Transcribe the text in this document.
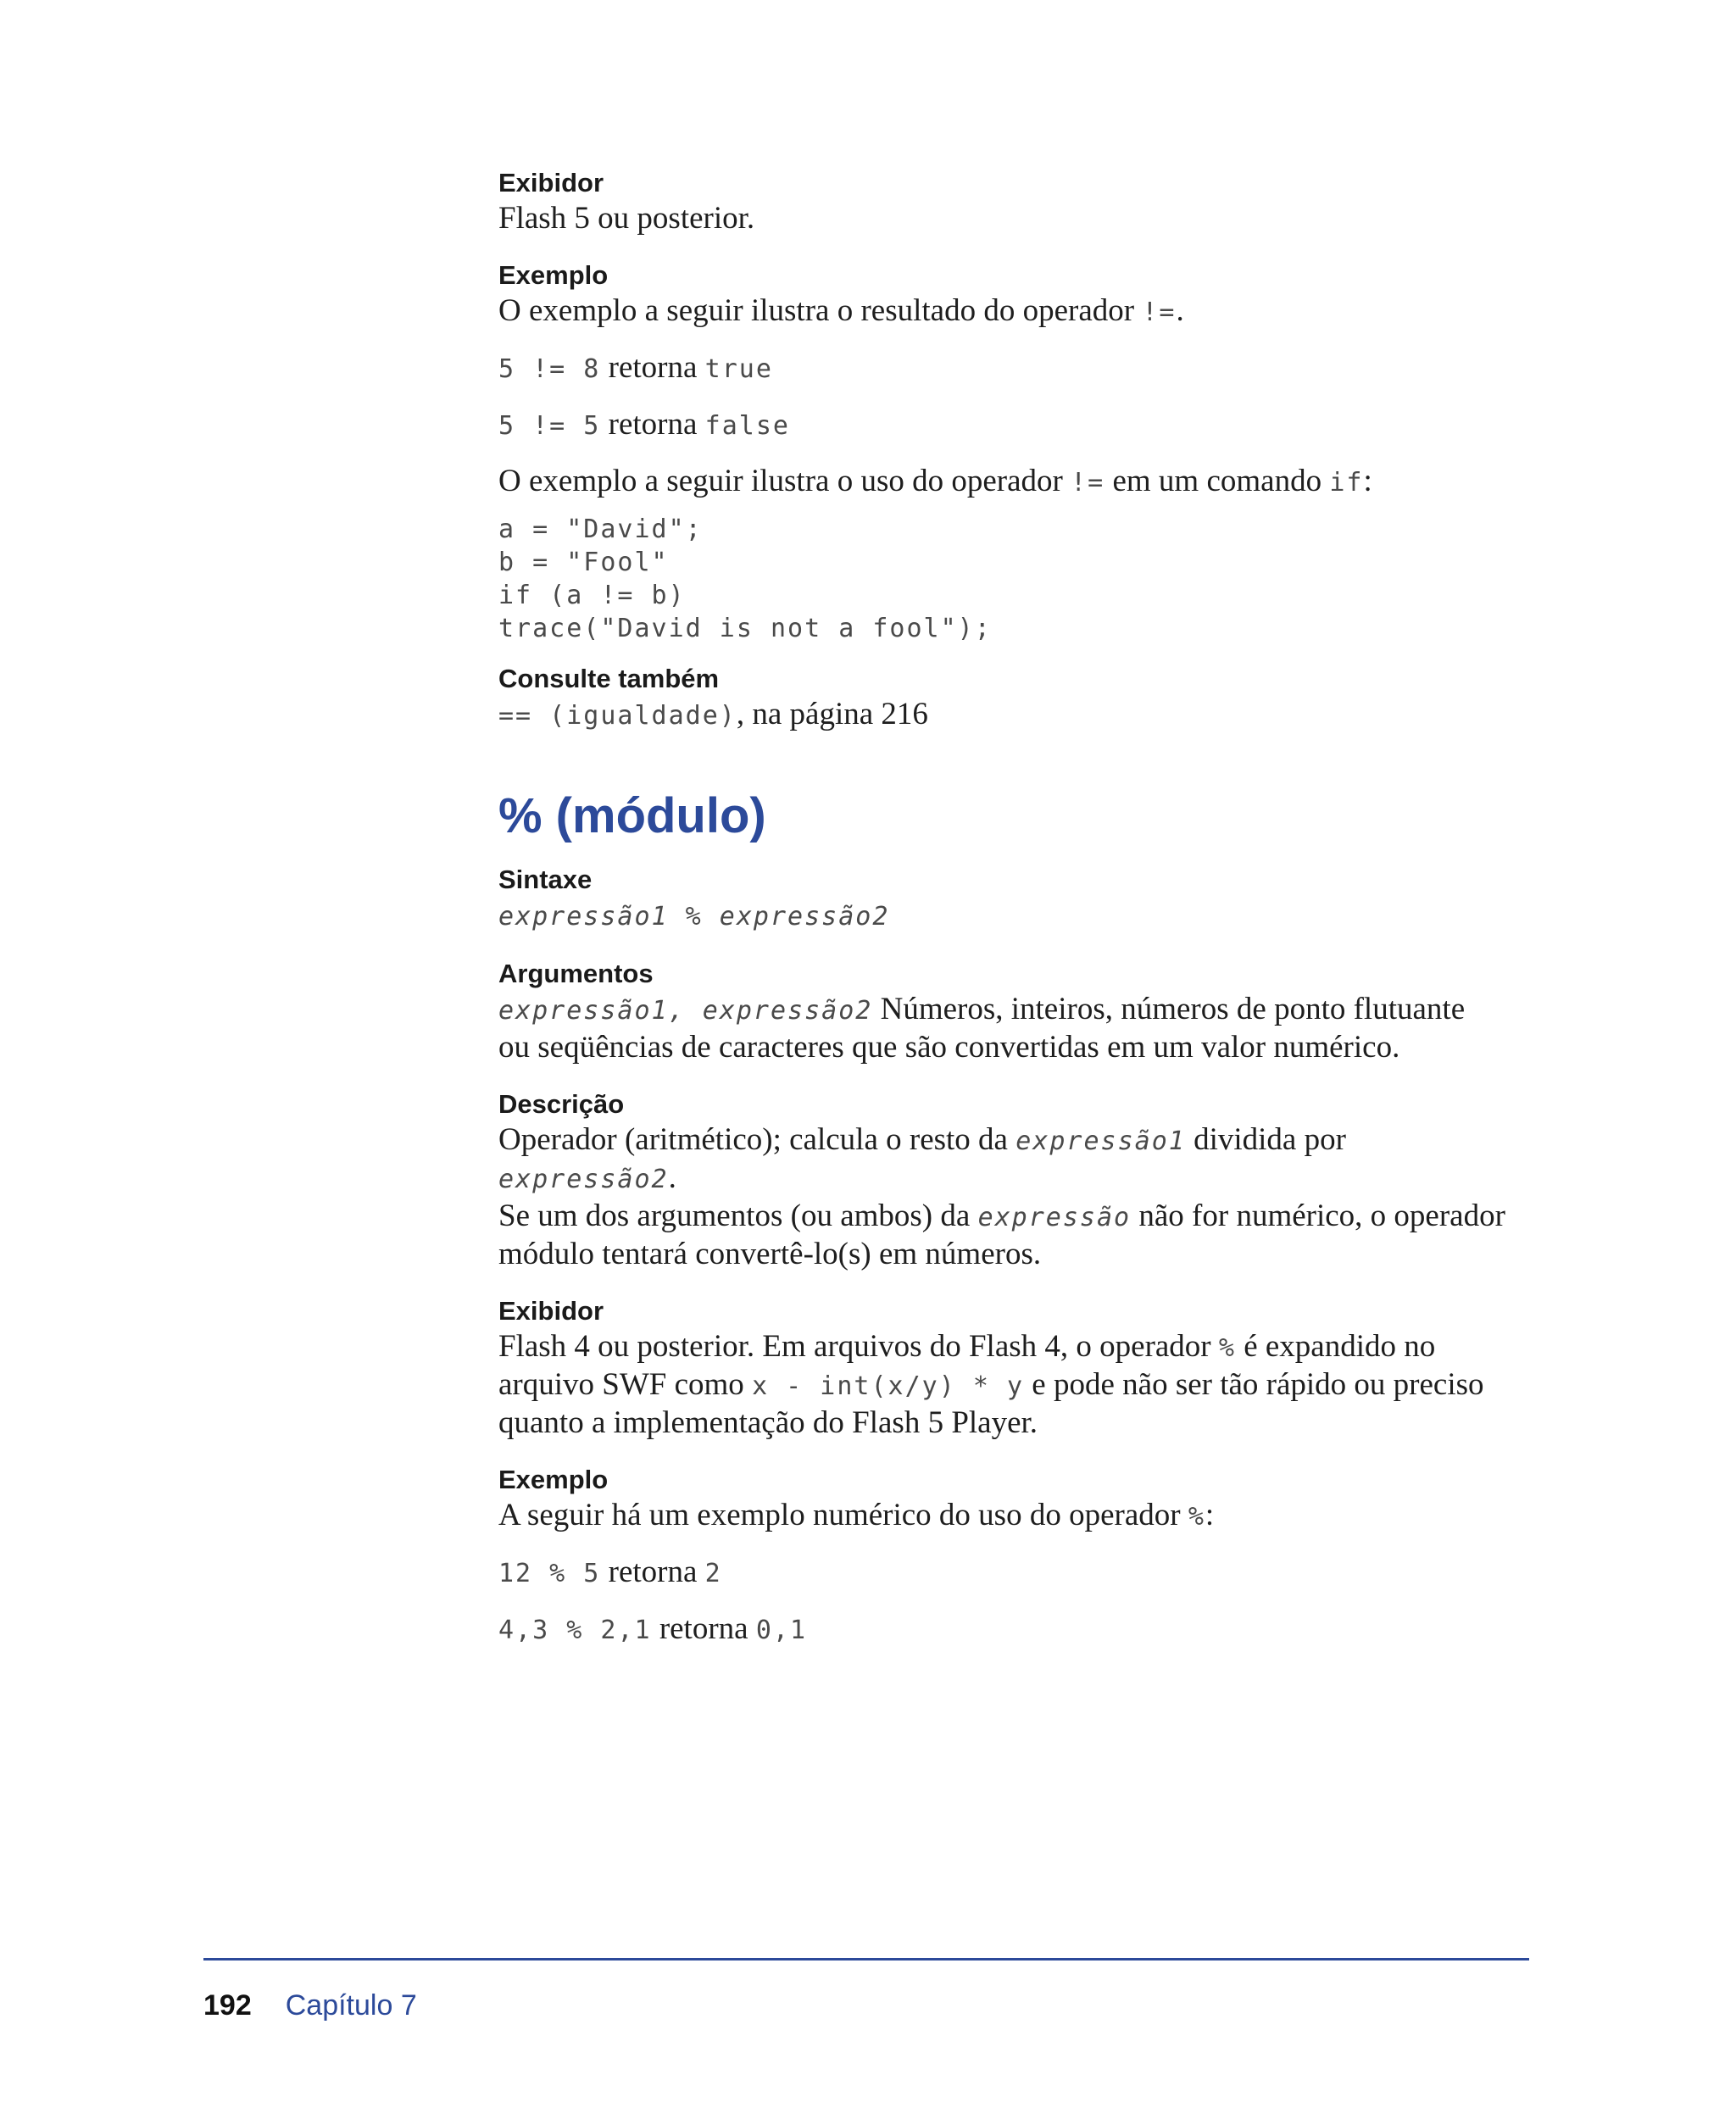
Exibidor

Flash 5 ou posterior.

Exemplo

O exemplo a seguir ilustra o resultado do operador !=.

5 != 8 retorna true

5 != 5 retorna false

O exemplo a seguir ilustra o uso do operador != em um comando if:

a = "David";
b = "Fool"
if (a != b)
trace("David is not a fool");

Consulte também

== (igualdade), na página 216

% (módulo)

Sintaxe

expressão1 % expressão2

Argumentos

expressão1, expressão2 Números, inteiros, números de ponto flutuante
ou seqüências de caracteres que são convertidas em um valor numérico.

Descrição

Operador (aritmético); calcula o resto da expressão1 dividida por expressão2.
Se um dos argumentos (ou ambos) da expressão não for numérico, o operador
módulo tentará convertê-lo(s) em números.

Exibidor

Flash 4 ou posterior. Em arquivos do Flash 4, o operador % é expandido no
arquivo SWF como x - int(x/y) * y e pode não ser tão rápido ou preciso
quanto a implementação do Flash 5 Player.

Exemplo

A seguir há um exemplo numérico do uso do operador %:

12 % 5 retorna 2

4,3 % 2,1 retorna 0,1

192 Capítulo 7
